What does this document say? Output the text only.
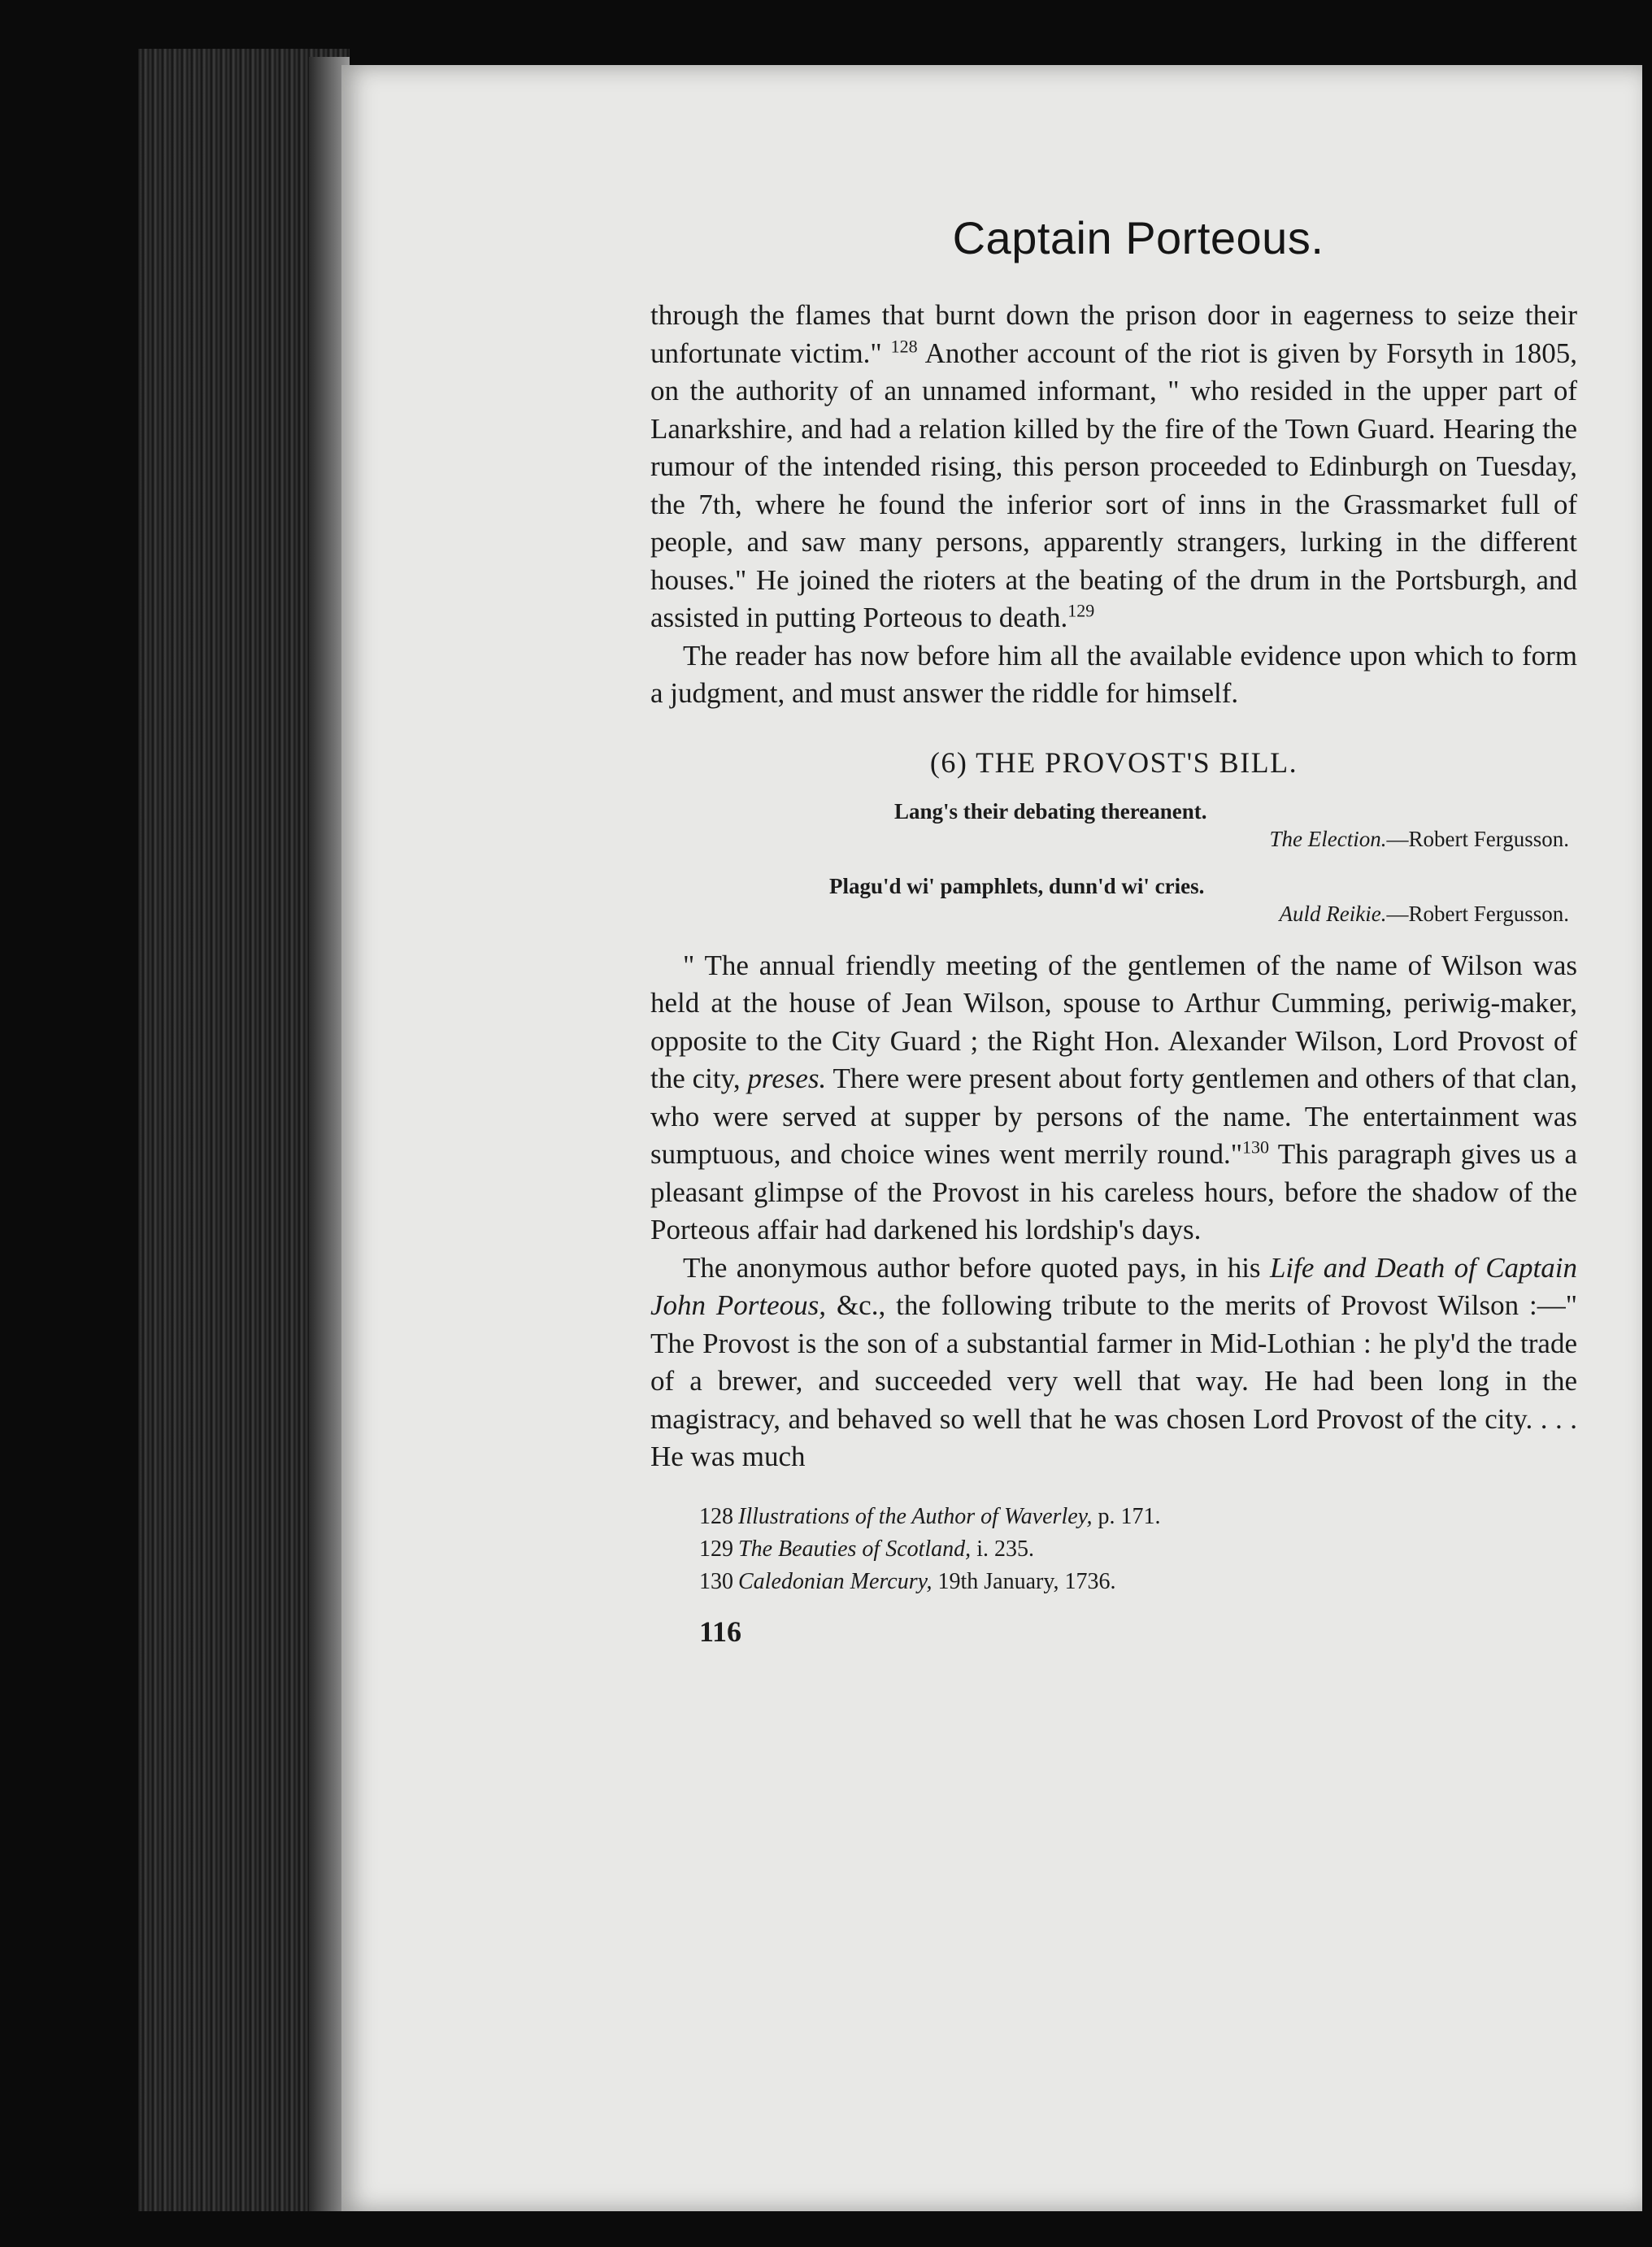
Captain Porteous.

through the flames that burnt down the prison door in eagerness to seize their unfortunate victim." $^{128}$ Another account of the riot is given by Forsyth in 1805, on the authority of an unnamed informant, " who resided in the upper part of Lanarkshire, and had a relation killed by the fire of the Town Guard. Hearing the rumour of the intended rising, this person proceeded to Edinburgh on Tuesday, the 7th, where he found the inferior sort of inns in the Grassmarket full of people, and saw many persons, apparently strangers, lurking in the different houses." He joined the rioters at the beating of the drum in the Portsburgh, and assisted in putting Porteous to death.$^{129}$

The reader has now before him all the available evidence upon which to form a judgment, and must answer the riddle for himself.

(6) THE PROVOST'S BILL.
Lang's their debating thereanent.
The Election.—Robert Fergusson.
Plagu'd wi' pamphlets, dunn'd wi' cries.
Auld Reikie.—Robert Fergusson.

" The annual friendly meeting of the gentlemen of the name of Wilson was held at the house of Jean Wilson, spouse to Arthur Cumming, periwig-maker, opposite to the City Guard ; the Right Hon. Alexander Wilson, Lord Provost of the city, preses. There were present about forty gentlemen and others of that clan, who were served at supper by persons of the name. The entertainment was sumptuous, and choice wines went merrily round."$^{130}$ This paragraph gives us a pleasant glimpse of the Provost in his careless hours, before the shadow of the Porteous affair had darkened his lordship's days.

The anonymous author before quoted pays, in his Life and Death of Captain John Porteous, &c., the following tribute to the merits of Provost Wilson :—" The Provost is the son of a substantial farmer in Mid-Lothian : he ply'd the trade of a brewer, and succeeded very well that way. He had been long in the magistracy, and behaved so well that he was chosen Lord Provost of the city. . . . He was much

128 Illustrations of the Author of Waverley, p. 171.
129 The Beauties of Scotland, i. 235.
130 Caledonian Mercury, 19th January, 1736.
116
